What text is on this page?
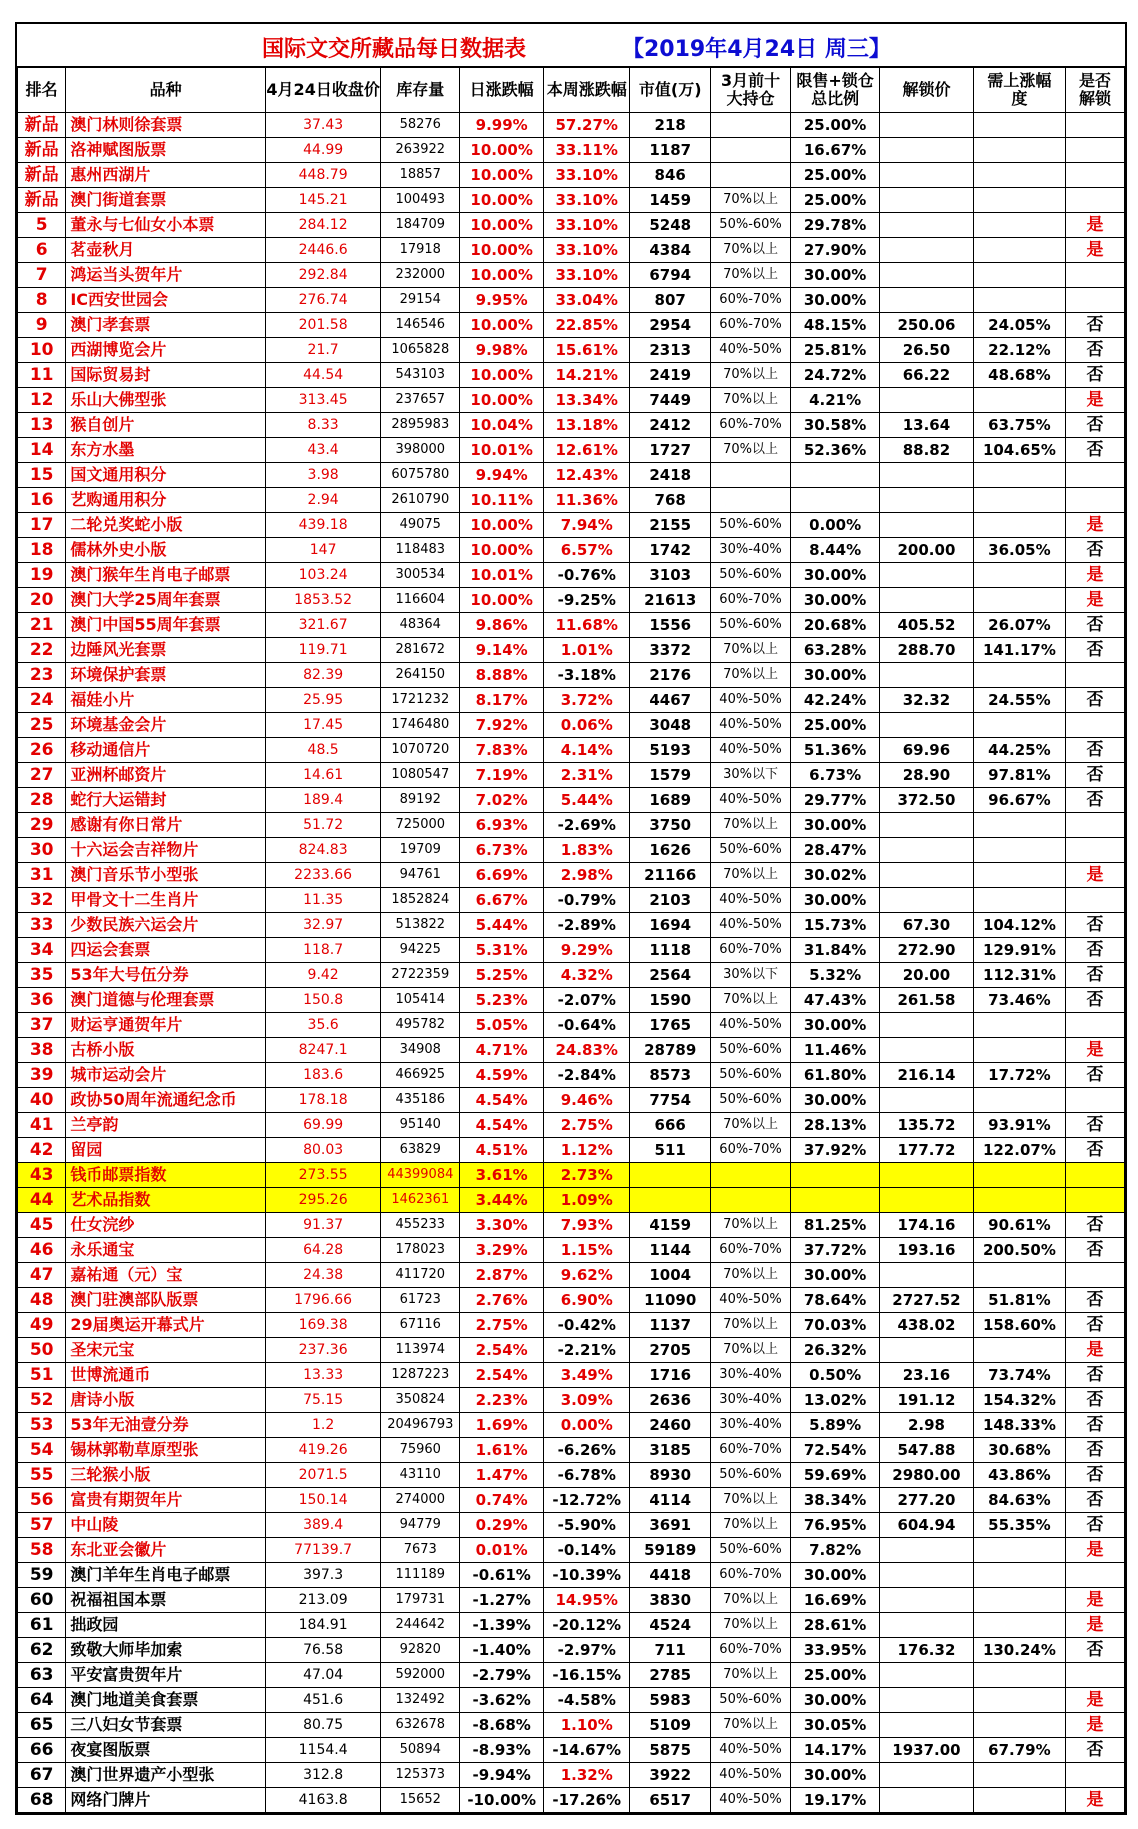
国际文交所藏品每日数据表	【2019年4月24日 周三】
排名	品种	4月24日收盘价	库存量	日涨跌幅	本周涨跌幅	市值(万)	3月前十大持仓	限售+锁仓总比例	解锁价	需上涨幅度	是否解锁
新品	澳门林则徐套票	37.43	58276	9.99%	57.27%	218		25.00%			
新品	洛神赋图版票	44.99	263922	10.00%	33.11%	1187		16.67%			
新品	惠州西湖片	448.79	18857	10.00%	33.10%	846		25.00%			
新品	澳门街道套票	145.21	100493	10.00%	33.10%	1459	70%以上	25.00%			
5	董永与七仙女小本票	284.12	184709	10.00%	33.10%	5248	50%-60%	29.78%			是
6	茗壶秋月	2446.6	17918	10.00%	33.10%	4384	70%以上	27.90%			是
7	鸿运当头贺年片	292.84	232000	10.00%	33.10%	6794	70%以上	30.00%			
8	IC西安世园会	276.74	29154	9.95%	33.04%	807	60%-70%	30.00%			
9	澳门孝套票	201.58	146546	10.00%	22.85%	2954	60%-70%	48.15%	250.06	24.05%	否
10	西湖博览会片	21.7	1065828	9.98%	15.61%	2313	40%-50%	25.81%	26.50	22.12%	否
11	国际贸易封	44.54	543103	10.00%	14.21%	2419	70%以上	24.72%	66.22	48.68%	否
12	乐山大佛型张	313.45	237657	10.00%	13.34%	7449	70%以上	4.21%			是
13	猴自创片	8.33	2895983	10.04%	13.18%	2412	60%-70%	30.58%	13.64	63.75%	否
14	东方水墨	43.4	398000	10.01%	12.61%	1727	70%以上	52.36%	88.82	104.65%	否
15	国文通用积分	3.98	6075780	9.94%	12.43%	2418					
16	艺购通用积分	2.94	2610790	10.11%	11.36%	768					
17	二轮兑奖蛇小版	439.18	49075	10.00%	7.94%	2155	50%-60%	0.00%			是
18	儒林外史小版	147	118483	10.00%	6.57%	1742	30%-40%	8.44%	200.00	36.05%	否
19	澳门猴年生肖电子邮票	103.24	300534	10.01%	-0.76%	3103	50%-60%	30.00%			是
20	澳门大学25周年套票	1853.52	116604	10.00%	-9.25%	21613	60%-70%	30.00%			是
21	澳门中国55周年套票	321.67	48364	9.86%	11.68%	1556	50%-60%	20.68%	405.52	26.07%	否
22	边陲风光套票	119.71	281672	9.14%	1.01%	3372	70%以上	63.28%	288.70	141.17%	否
23	环境保护套票	82.39	264150	8.88%	-3.18%	2176	70%以上	30.00%			
24	福娃小片	25.95	1721232	8.17%	3.72%	4467	40%-50%	42.24%	32.32	24.55%	否
25	环境基金会片	17.45	1746480	7.92%	0.06%	3048	40%-50%	25.00%			
26	移动通信片	48.5	1070720	7.83%	4.14%	5193	40%-50%	51.36%	69.96	44.25%	否
27	亚洲杯邮资片	14.61	1080547	7.19%	2.31%	1579	30%以下	6.73%	28.90	97.81%	否
28	蛇行大运错封	189.4	89192	7.02%	5.44%	1689	40%-50%	29.77%	372.50	96.67%	否
29	感谢有你日常片	51.72	725000	6.93%	-2.69%	3750	70%以上	30.00%			
30	十六运会吉祥物片	824.83	19709	6.73%	1.83%	1626	50%-60%	28.47%			
31	澳门音乐节小型张	2233.66	94761	6.69%	2.98%	21166	70%以上	30.02%			是
32	甲骨文十二生肖片	11.35	1852824	6.67%	-0.79%	2103	40%-50%	30.00%			
33	少数民族六运会片	32.97	513822	5.44%	-2.89%	1694	40%-50%	15.73%	67.30	104.12%	否
34	四运会套票	118.7	94225	5.31%	9.29%	1118	60%-70%	31.84%	272.90	129.91%	否
35	53年大号伍分券	9.42	2722359	5.25%	4.32%	2564	30%以下	5.32%	20.00	112.31%	否
36	澳门道德与伦理套票	150.8	105414	5.23%	-2.07%	1590	70%以上	47.43%	261.58	73.46%	否
37	财运亨通贺年片	35.6	495782	5.05%	-0.64%	1765	40%-50%	30.00%			
38	古桥小版	8247.1	34908	4.71%	24.83%	28789	50%-60%	11.46%			是
39	城市运动会片	183.6	466925	4.59%	-2.84%	8573	50%-60%	61.80%	216.14	17.72%	否
40	政协50周年流通纪念币	178.18	435186	4.54%	9.46%	7754	50%-60%	30.00%			
41	兰亭韵	69.99	95140	4.54%	2.75%	666	70%以上	28.13%	135.72	93.91%	否
42	留园	80.03	63829	4.51%	1.12%	511	60%-70%	37.92%	177.72	122.07%	否
43	钱币邮票指数	273.55	44399084	3.61%	2.73%						
44	艺术品指数	295.26	1462361	3.44%	1.09%						
45	仕女浣纱	91.37	455233	3.30%	7.93%	4159	70%以上	81.25%	174.16	90.61%	否
46	永乐通宝	64.28	178023	3.29%	1.15%	1144	60%-70%	37.72%	193.16	200.50%	否
47	嘉祐通（元）宝	24.38	411720	2.87%	9.62%	1004	70%以上	30.00%			
48	澳门驻澳部队版票	1796.66	61723	2.76%	6.90%	11090	40%-50%	78.64%	2727.52	51.81%	否
49	29届奥运开幕式片	169.38	67116	2.75%	-0.42%	1137	70%以上	70.03%	438.02	158.60%	否
50	圣宋元宝	237.36	113974	2.54%	-2.21%	2705	70%以上	26.32%			是
51	世博流通币	13.33	1287223	2.54%	3.49%	1716	30%-40%	0.50%	23.16	73.74%	否
52	唐诗小版	75.15	350824	2.23%	3.09%	2636	30%-40%	13.02%	191.12	154.32%	否
53	53年无油壹分券	1.2	20496793	1.69%	0.00%	2460	30%-40%	5.89%	2.98	148.33%	否
54	锡林郭勒草原型张	419.26	75960	1.61%	-6.26%	3185	60%-70%	72.54%	547.88	30.68%	否
55	三轮猴小版	2071.5	43110	1.47%	-6.78%	8930	50%-60%	59.69%	2980.00	43.86%	否
56	富贵有期贺年片	150.14	274000	0.74%	-12.72%	4114	70%以上	38.34%	277.20	84.63%	否
57	中山陵	389.4	94779	0.29%	-5.90%	3691	70%以上	76.95%	604.94	55.35%	否
58	东北亚会徽片	77139.7	7673	0.01%	-0.14%	59189	50%-60%	7.82%			是
59	澳门羊年生肖电子邮票	397.3	111189	-0.61%	-10.39%	4418	60%-70%	30.00%			
60	祝福祖国本票	213.09	179731	-1.27%	14.95%	3830	70%以上	16.69%			是
61	拙政园	184.91	244642	-1.39%	-20.12%	4524	70%以上	28.61%			是
62	致敬大师毕加索	76.58	92820	-1.40%	-2.97%	711	60%-70%	33.95%	176.32	130.24%	否
63	平安富贵贺年片	47.04	592000	-2.79%	-16.15%	2785	70%以上	25.00%			
64	澳门地道美食套票	451.6	132492	-3.62%	-4.58%	5983	50%-60%	30.00%			是
65	三八妇女节套票	80.75	632678	-8.68%	1.10%	5109	70%以上	30.05%			是
66	夜宴图版票	1154.4	50894	-8.93%	-14.67%	5875	40%-50%	14.17%	1937.00	67.79%	否
67	澳门世界遗产小型张	312.8	125373	-9.94%	1.32%	3922	40%-50%	30.00%			
68	网络门牌片	4163.8	15652	-10.00%	-17.26%	6517	40%-50%	19.17%			是
